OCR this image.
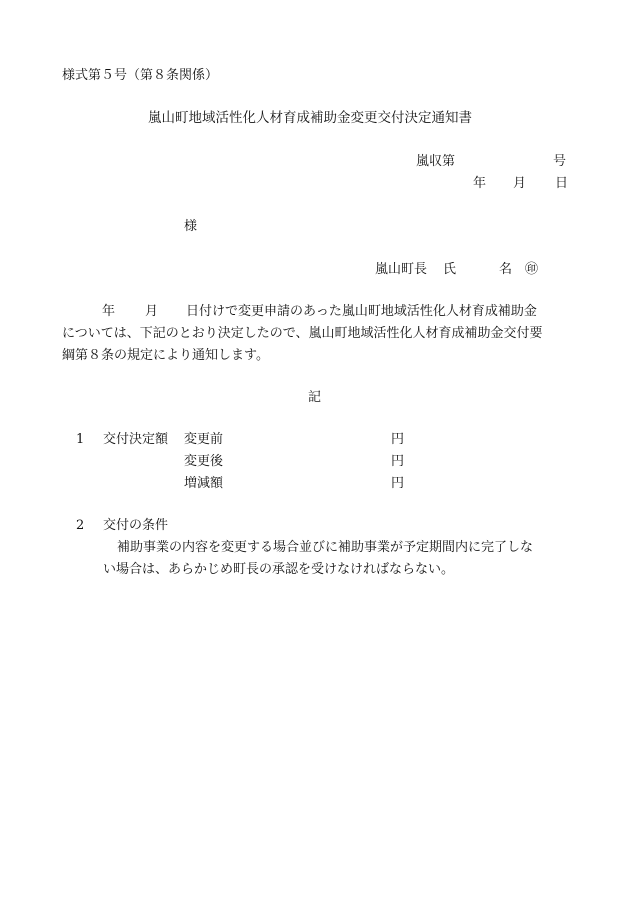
様式第５号（第８条関係）
嵐山町地域活性化人材育成補助金変更交付決定通知書
嵐収第	号
年 月 日
様
嵐山町長 氏	名 ㊞
年 月 日付けで変更申請のあった嵐山町地域活性化人材育成補助金
については、下記のとおり決定したので、嵐山町地域活性化人材育成補助金交付要
綱第８条の規定により通知します。
記
1 交付決定額 変更前	円
変更後	円
増減額	円
2 交付の条件
補助事業の内容を変更する場合並びに補助事業が予定期間内に完了しな
い場合は、あらかじめ町長の承認を受けなければならない。
